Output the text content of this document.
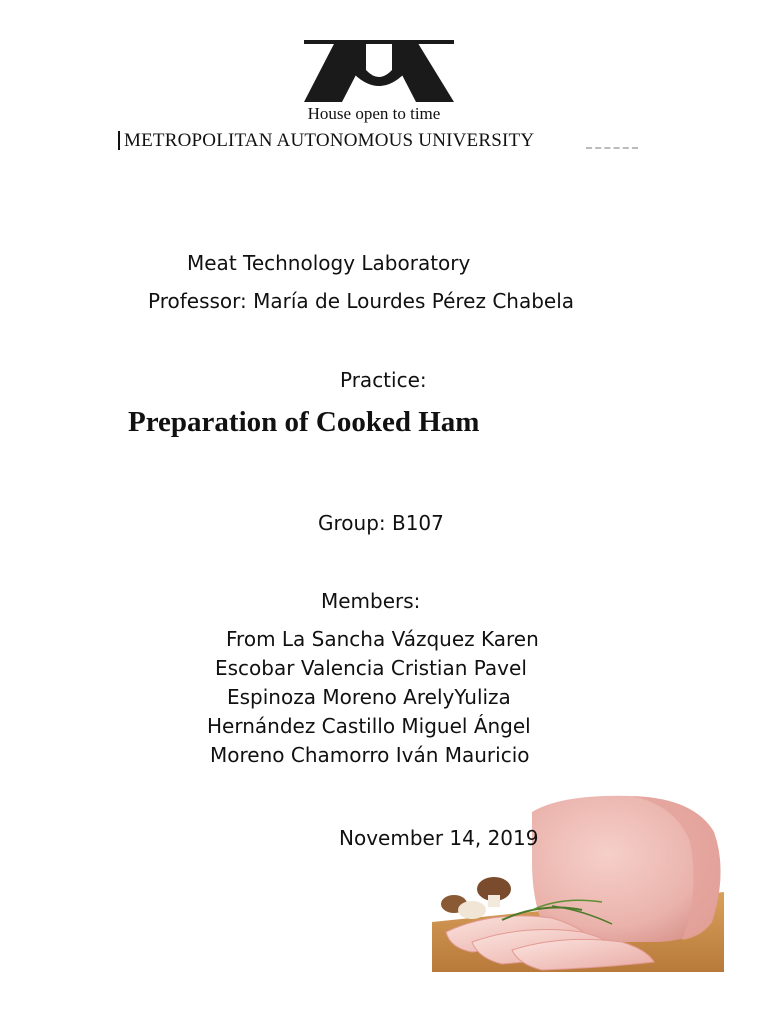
House open to time

METROPOLITAN AUTONOMOUS UNIVERSITY

Meat Technology Laboratory

Professor: María de Lourdes Pérez Chabela

Practice:

Preparation of Cooked Ham

Group: B107

Members:

From La Sancha Vázquez Karen
Escobar Valencia Cristian Pavel
Espinoza Moreno ArelyYuliza
Hernández Castillo Miguel Ángel
Moreno Chamorro Iván Mauricio

November 14, 2019
